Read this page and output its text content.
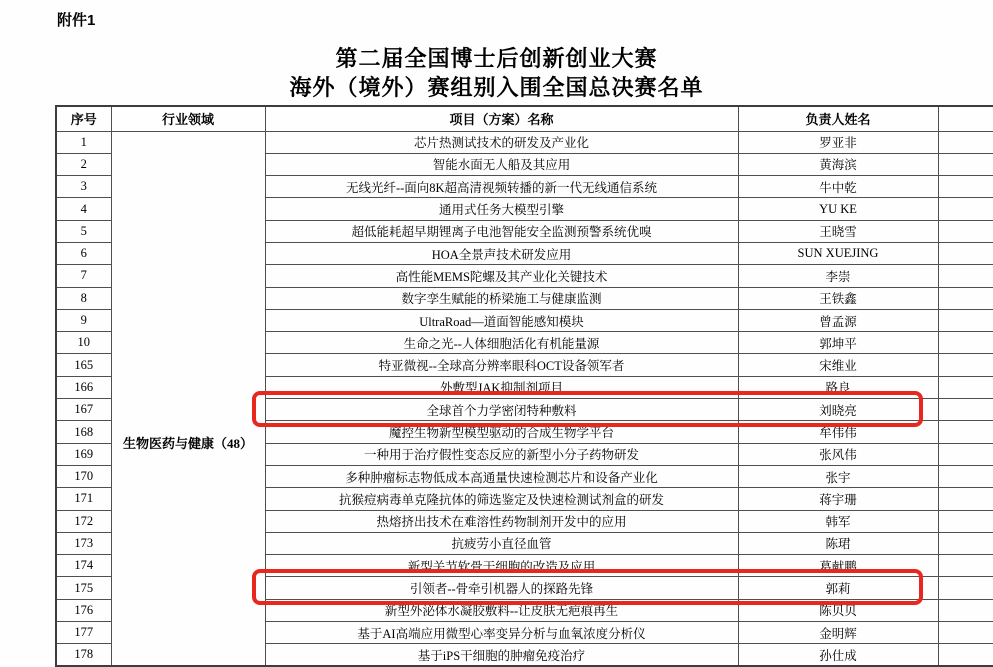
附件1
第二届全国博士后创新创业大赛
海外（境外）赛组别入围全国总决赛名单
序号	行业领域	项目（方案）名称	负责人姓名	
1	生物医药与健康（48）	芯片热测试技术的研发及产业化	罗亚非	
2		智能水面无人船及其应用	黄海滨	
3		无线光纤--面向8K超高清视频转播的新一代无线通信系统	牛中乾	
4		通用式任务大模型引擎	YU KE	
5		超低能耗超早期锂离子电池智能安全监测预警系统优嗅	王晓雪	
6		HOA全景声技术研发应用	SUN XUEJING	
7		高性能MEMS陀螺及其产业化关键技术	李崇	
8		数字孪生赋能的桥梁施工与健康监测	王铁鑫	
9		UltraRoad—道面智能感知模块	曾孟源	
10		生命之光--人体细胞活化有机能量源	郭坤平	
165		特亚微视--全球高分辨率眼科OCT设备领军者	宋维业	
166		外敷型JAK抑制剂项目	路良	
167		全球首个力学密闭特种敷料	刘晓亮	
168		魔控生物新型模型驱动的合成生物学平台	牟伟伟	
169		一种用于治疗假性变态反应的新型小分子药物研发	张风伟	
170		多种肿瘤标志物低成本高通量快速检测芯片和设备产业化	张宇	
171		抗猴痘病毒单克隆抗体的筛选鉴定及快速检测试剂盒的研发	蒋宇珊	
172		热熔挤出技术在难溶性药物制剂开发中的应用	韩军	
173		抗疲劳小直径血管	陈珺	
174		新型关节软骨干细胞的改造及应用	葛献鹏	
175		引领者--骨牵引机器人的探路先锋	郭莉	
176		新型外泌体水凝胶敷料--让皮肤无疤痕再生	陈贝贝	
177		基于AI高端应用微型心率变异分析与血氧浓度分析仪	金明辉	
178		基于iPS干细胞的肿瘤免疫治疗	孙仕成	
